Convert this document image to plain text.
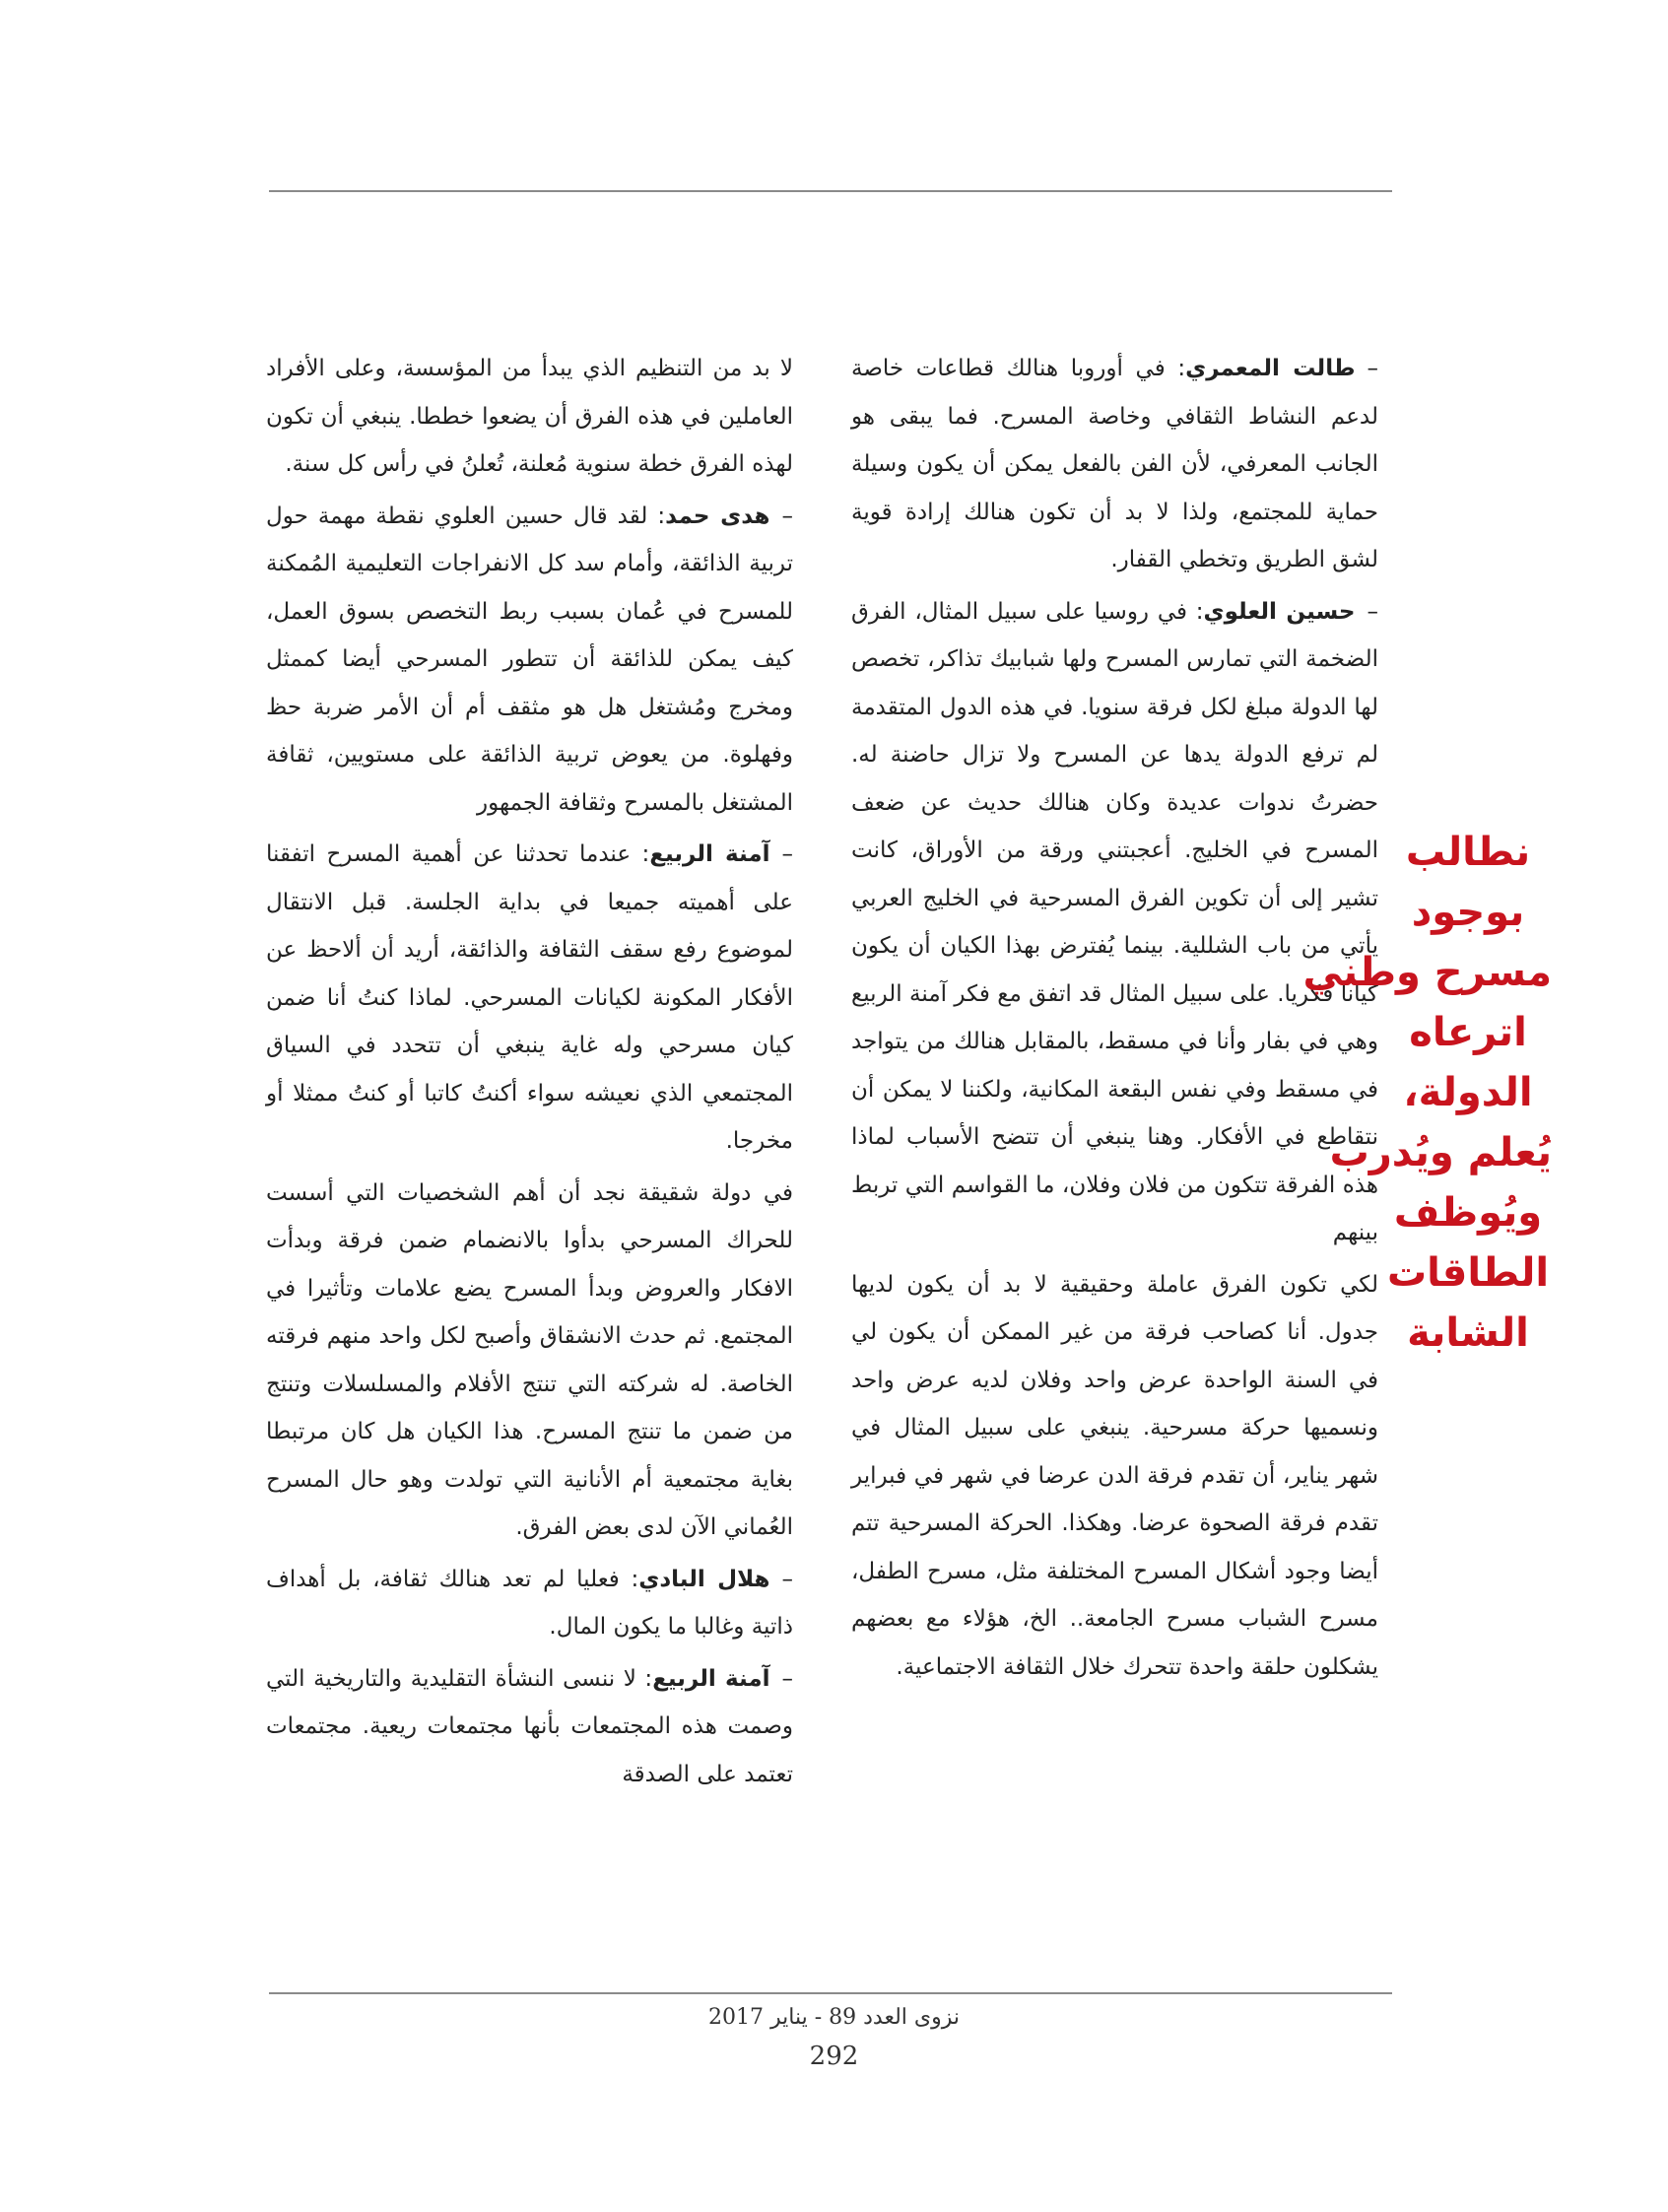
–طالت المعمري: في أوروبا هنالك قطاعات خاصة لدعم النشاط الثقافي وخاصة المسرح. فما يبقى هو الجانب المعرفي، لأن الفن بالفعل يمكن أن يكون وسيلة حماية للمجتمع، ولذا لا بد أن تكون هنالك إرادة قوية لشق الطريق وتخطي القفار.

–حسين العلوي: في روسيا على سبيل المثال، الفرق الضخمة التي تمارس المسرح ولها شبابيك تذاكر، تخصص لها الدولة مبلغ لكل فرقة سنويا. في هذه الدول المتقدمة لم ترفع الدولة يدها عن المسرح ولا تزال حاضنة له. حضرتُ ندوات عديدة وكان هنالك حديث عن ضعف المسرح في الخليج. أعجبتني ورقة من الأوراق، كانت تشير إلى أن تكوين الفرق المسرحية في الخليج العربي يأتي من باب الشللية. بينما يُفترض بهذا الكيان أن يكون كيانا فكريا. على سبيل المثال قد اتفق مع فكر آمنة الربيع وهي في بفار وأنا في مسقط، بالمقابل هنالك من يتواجد في مسقط وفي نفس البقعة المكانية، ولكننا لا يمكن أن نتقاطع في الأفكار. وهنا ينبغي أن تتضح الأسباب لماذا هذه الفرقة تتكون من فلان وفلان، ما القواسم التي تربط بينهم

لكي تكون الفرق عاملة وحقيقية لا بد أن يكون لديها جدول. أنا كصاحب فرقة من غير الممكن أن يكون لي في السنة الواحدة عرض واحد وفلان لديه عرض واحد ونسميها حركة مسرحية. ينبغي على سبيل المثال في شهر يناير، أن تقدم فرقة الدن عرضا في شهر في فبراير تقدم فرقة الصحوة عرضا. وهكذا. الحركة المسرحية تتم أيضا وجود أشكال المسرح المختلفة مثل، مسرح الطفل، مسرح الشباب مسرح الجامعة.. الخ، هؤلاء مع بعضهم يشكلون حلقة واحدة تتحرك خلال الثقافة الاجتماعية.

لا بد من التنظيم الذي يبدأ من المؤسسة، وعلى الأفراد العاملين في هذه الفرق أن يضعوا خططا. ينبغي أن تكون لهذه الفرق خطة سنوية مُعلنة، تُعلنُ في رأس كل سنة.

–هدى حمد: لقد قال حسين العلوي نقطة مهمة حول تربية الذائقة، وأمام سد كل الانفراجات التعليمية المُمكنة للمسرح في عُمان بسبب ربط التخصص بسوق العمل، كيف يمكن للذائقة أن تتطور المسرحي أيضا كممثل ومخرج ومُشتغل هل هو مثقف أم أن الأمر ضربة حظ وفهلوة. من يعوض تربية الذائقة على مستويين، ثقافة المشتغل بالمسرح وثقافة الجمهور

–آمنة الربيع: عندما تحدثنا عن أهمية المسرح اتفقنا على أهميته جميعا في بداية الجلسة. قبل الانتقال لموضوع رفع سقف الثقافة والذائقة، أريد أن ألاحظ عن الأفكار المكونة لكيانات المسرحي. لماذا كنتُ أنا ضمن كيان مسرحي وله غاية ينبغي أن تتحدد في السياق المجتمعي الذي نعيشه سواء أكنتُ كاتبا أو كنتُ ممثلا أو مخرجا.

في دولة شقيقة نجد أن أهم الشخصيات التي أسست للحراك المسرحي بدأوا بالانضمام ضمن فرقة وبدأت الافكار والعروض وبدأ المسرح يضع علامات وتأثيرا في المجتمع. ثم حدث الانشقاق وأصبح لكل واحد منهم فرقته الخاصة. له شركته التي تنتج الأفلام والمسلسلات وتنتج من ضمن ما تنتج المسرح. هذا الكيان هل كان مرتبطا بغاية مجتمعية أم الأنانية التي تولدت وهو حال المسرح العُماني الآن لدى بعض الفرق.

–هلال البادي: فعليا لم تعد هنالك ثقافة، بل أهداف ذاتية وغالبا ما يكون المال.

–آمنة الربيع: لا ننسى النشأة التقليدية والتاريخية التي وصمت هذه المجتمعات بأنها مجتمعات ريعية. مجتمعات تعتمد على الصدقة

نطالب
بوجود
مسرح وطني
اترعاه
الدولة،
يُعلم ويُدرب
ويُوظف
الطاقات
الشابة
نزوى العدد 89 - يناير 2017
292
